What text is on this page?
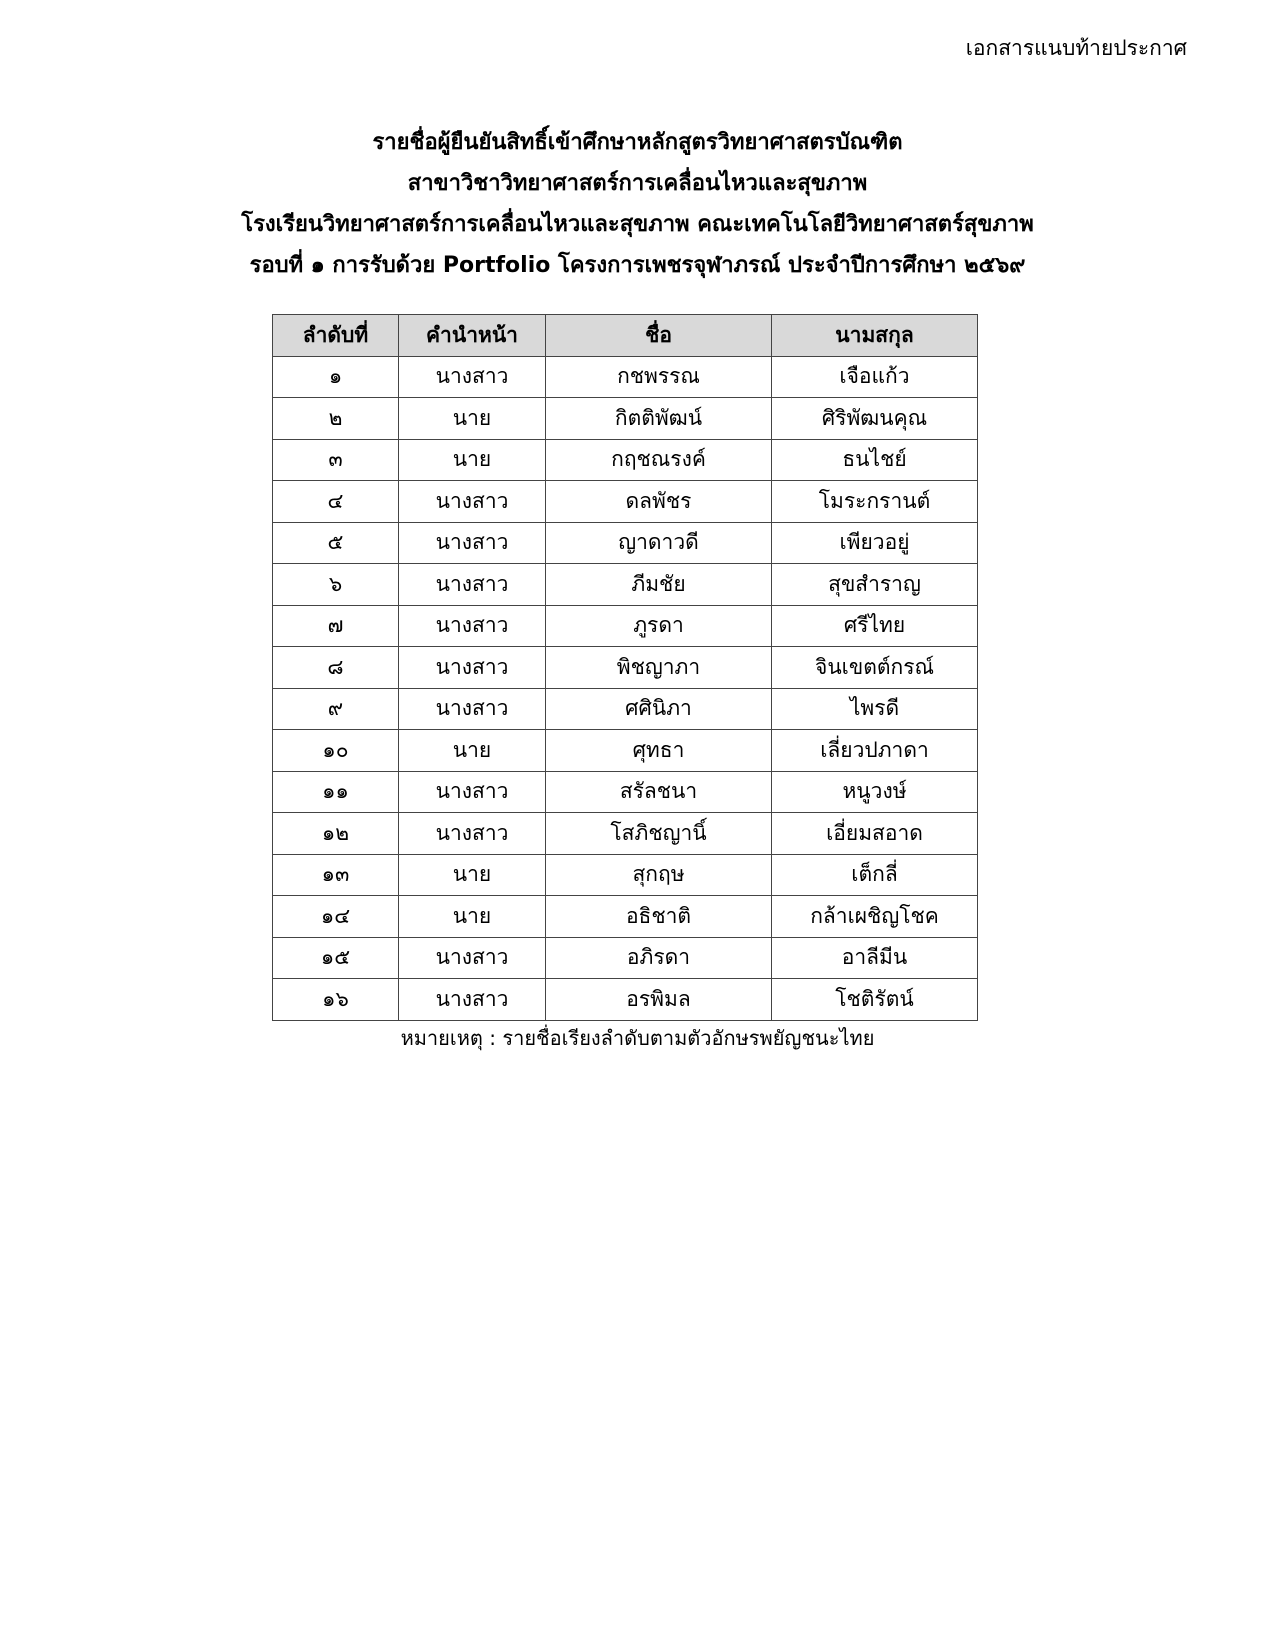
เอกสารแนบท้ายประกาศ
รายชื่อผู้ยืนยันสิทธิ์เข้าศึกษาหลักสูตรวิทยาศาสตรบัณฑิต
สาขาวิชาวิทยาศาสตร์การเคลื่อนไหวและสุขภาพ
โรงเรียนวิทยาศาสตร์การเคลื่อนไหวและสุขภาพ คณะเทคโนโลยีวิทยาศาสตร์สุขภาพ
รอบที่ ๑ การรับด้วย Portfolio โครงการเพชรจุฬาภรณ์ ประจำปีการศึกษา ๒๕๖๙
ลำดับที่	คำนำหน้า	ชื่อ	นามสกุล
๑	นางสาว	กชพรรณ	เจือแก้ว
๒	นาย	กิตติพัฒน์	ศิริพัฒนคุณ
๓	นาย	กฤชณรงค์	ธนไชย์
๔	นางสาว	ดลพัชร	โมระกรานต์
๕	นางสาว	ญาดาวดี	เพียวอยู่
๖	นางสาว	ภีมชัย	สุขสำราญ
๗	นางสาว	ภูรดา	ศรีไทย
๘	นางสาว	พิชญาภา	จินเขตต์กรณ์
๙	นางสาว	ศศินิภา	ไพรดี
๑๐	นาย	ศุทธา	เลี่ยวปภาดา
๑๑	นางสาว	สรัลชนา	หนูวงษ์
๑๒	นางสาว	โสภิชญานิ์	เอี่ยมสอาด
๑๓	นาย	สุกฤษ	เต็กลี่
๑๔	นาย	อธิชาติ	กล้าเผชิญโชค
๑๕	นางสาว	อภิรดา	อาลีมีน
๑๖	นางสาว	อรพิมล	โชติรัตน์
หมายเหตุ : รายชื่อเรียงลำดับตามตัวอักษรพยัญชนะไทย
